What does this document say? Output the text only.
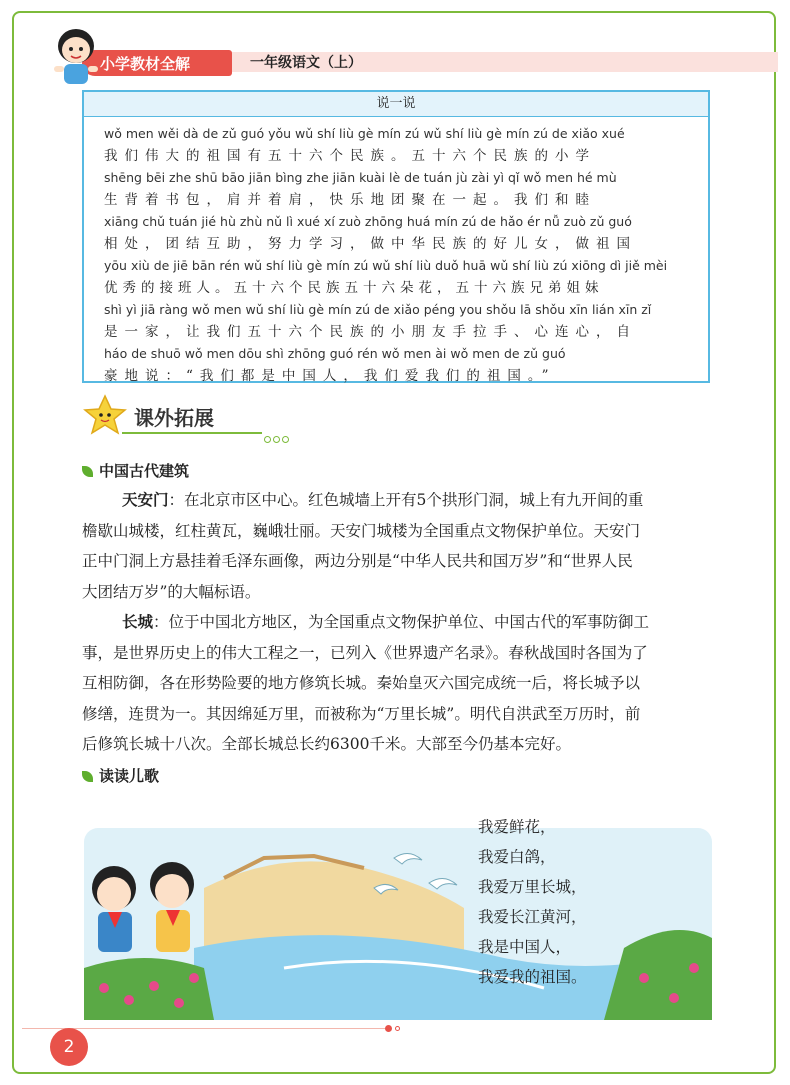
小学教材全解	一年级语文（上）
说一说
wǒ men wěi dà de zǔ guó yǒu wǔ shí liù gè mín zú wǔ shí liù gè mín zú de xiǎo xué
我们伟大的祖国有五十六个民族。五十六个民族的小学
shēng bēi zhe shū bāo jiān bìng zhe jiān kuài lè de tuán jù zài yì qǐ wǒ men hé mù
生背着书包，肩并着肩，快乐地团聚在一起。我们和睦
xiāng chǔ tuán jié hù zhù nǔ lì xué xí zuò zhōng huá mín zú de hǎo ér nǚ zuò zǔ guó
相处，团结互助，努力学习，做中华民族的好儿女，做祖国
yōu xiù de jiē bān rén wǔ shí liù gè mín zú wǔ shí liù duǒ huā wǔ shí liù zú xiōng dì jiě mèi
优秀的接班人。五十六个民族五十六朵花，五十六族兄弟姐妹
shì yì jiā ràng wǒ men wǔ shí liù gè mín zú de xiǎo péng you shǒu lā shǒu xīn lián xīn zǐ
是一家，让我们五十六个民族的小朋友手拉手、心连心，自
háo de shuō wǒ men dōu shì zhōng guó rén wǒ men ài wǒ men de zǔ guó
豪地说：“我们都是中国人，我们爱我们的祖国。”
课外拓展
中国古代建筑
天安门：在北京市区中心。红色城墙上开有5个拱形门洞，城上有九开间的重
檐歇山城楼，红柱黄瓦，巍峨壮丽。天安门城楼为全国重点文物保护单位。天安门
正中门洞上方悬挂着毛泽东画像，两边分别是“中华人民共和国万岁”和“世界人民
大团结万岁”的大幅标语。
长城：位于中国北方地区，为全国重点文物保护单位、中国古代的军事防御工
事，是世界历史上的伟大工程之一，已列入《世界遗产名录》。春秋战国时各国为了
互相防御，各在形势险要的地方修筑长城。秦始皇灭六国完成统一后，将长城予以
修缮，连贯为一。其因绵延万里，而被称为“万里长城”。明代自洪武至万历时，前
后修筑长城十八次。全部长城总长约6300千米。大部至今仍基本完好。
读读儿歌
我爱鲜花，
我爱白鸽，
我爱万里长城，
我爱长江黄河，
我是中国人，
我爱我的祖国。
2
